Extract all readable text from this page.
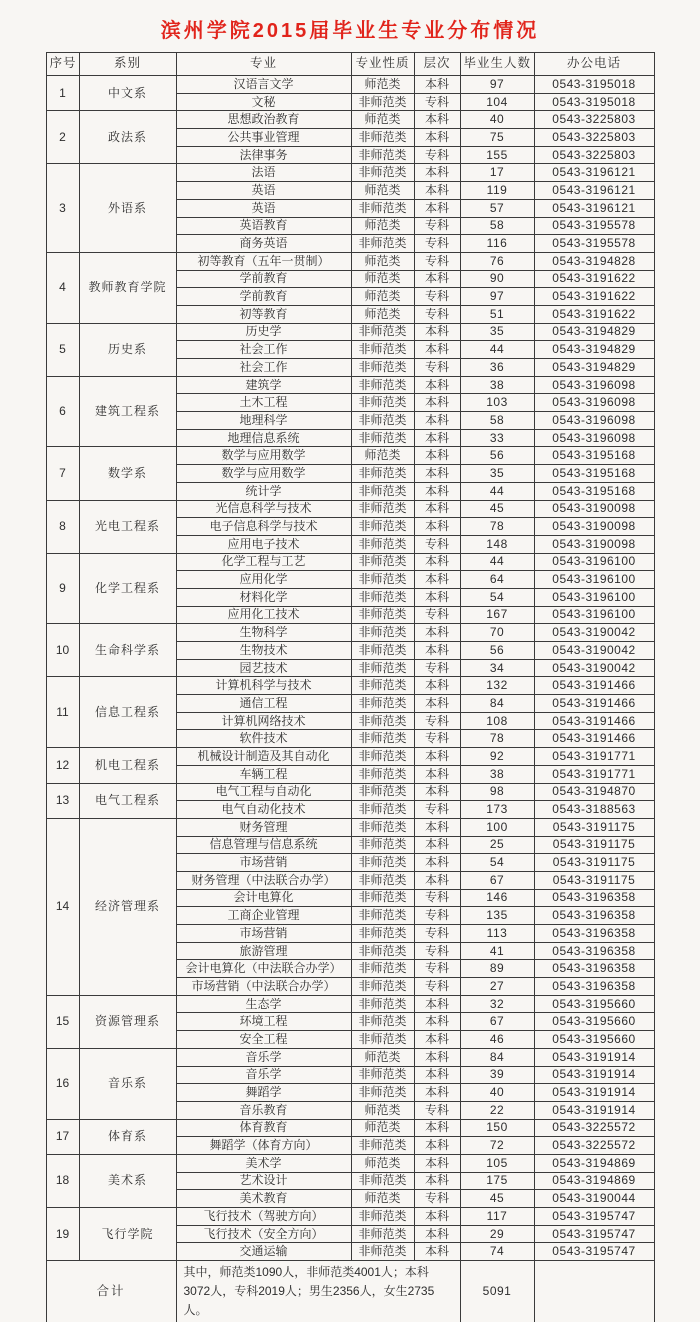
滨州学院2015届毕业生专业分布情况
序号	系别	专业	专业性质	层次	毕业生人数	办公电话
1	中文系	汉语言文学	师范类	本科	97	0543-3195018
		文秘	非师范类	专科	104	0543-3195018
2	政法系	思想政治教育	师范类	本科	40	0543-3225803
		公共事业管理	非师范类	本科	75	0543-3225803
		法律事务	非师范类	专科	155	0543-3225803
3	外语系	法语	非师范类	本科	17	0543-3196121
		英语	师范类	本科	119	0543-3196121
		英语	非师范类	本科	57	0543-3196121
		英语教育	师范类	专科	58	0543-3195578
		商务英语	非师范类	专科	116	0543-3195578
4	教师教育学院	初等教育（五年一贯制）	师范类	专科	76	0543-3194828
		学前教育	师范类	本科	90	0543-3191622
		学前教育	师范类	专科	97	0543-3191622
		初等教育	师范类	专科	51	0543-3191622
5	历史系	历史学	非师范类	本科	35	0543-3194829
		社会工作	非师范类	本科	44	0543-3194829
		社会工作	非师范类	专科	36	0543-3194829
6	建筑工程系	建筑学	非师范类	本科	38	0543-3196098
		土木工程	非师范类	本科	103	0543-3196098
		地理科学	非师范类	本科	58	0543-3196098
		地理信息系统	非师范类	本科	33	0543-3196098
7	数学系	数学与应用数学	师范类	本科	56	0543-3195168
		数学与应用数学	非师范类	本科	35	0543-3195168
		统计学	非师范类	本科	44	0543-3195168
8	光电工程系	光信息科学与技术	非师范类	本科	45	0543-3190098
		电子信息科学与技术	非师范类	本科	78	0543-3190098
		应用电子技术	非师范类	专科	148	0543-3190098
9	化学工程系	化学工程与工艺	非师范类	本科	44	0543-3196100
		应用化学	非师范类	本科	64	0543-3196100
		材料化学	非师范类	本科	54	0543-3196100
		应用化工技术	非师范类	专科	167	0543-3196100
10	生命科学系	生物科学	非师范类	本科	70	0543-3190042
		生物技术	非师范类	本科	56	0543-3190042
		园艺技术	非师范类	专科	34	0543-3190042
11	信息工程系	计算机科学与技术	非师范类	本科	132	0543-3191466
		通信工程	非师范类	本科	84	0543-3191466
		计算机网络技术	非师范类	专科	108	0543-3191466
		软件技术	非师范类	专科	78	0543-3191466
12	机电工程系	机械设计制造及其自动化	非师范类	本科	92	0543-3191771
		车辆工程	非师范类	本科	38	0543-3191771
13	电气工程系	电气工程与自动化	非师范类	本科	98	0543-3194870
		电气自动化技术	非师范类	专科	173	0543-3188563
14	经济管理系	财务管理	非师范类	本科	100	0543-3191175
		信息管理与信息系统	非师范类	本科	25	0543-3191175
		市场营销	非师范类	本科	54	0543-3191175
		财务管理（中法联合办学）	非师范类	本科	67	0543-3191175
		会计电算化	非师范类	专科	146	0543-3196358
		工商企业管理	非师范类	专科	135	0543-3196358
		市场营销	非师范类	专科	113	0543-3196358
		旅游管理	非师范类	专科	41	0543-3196358
		会计电算化（中法联合办学）	非师范类	专科	89	0543-3196358
		市场营销（中法联合办学）	非师范类	专科	27	0543-3196358
15	资源管理系	生态学	非师范类	本科	32	0543-3195660
		环境工程	非师范类	本科	67	0543-3195660
		安全工程	非师范类	本科	46	0543-3195660
16	音乐系	音乐学	师范类	本科	84	0543-3191914
		音乐学	非师范类	本科	39	0543-3191914
		舞蹈学	非师范类	本科	40	0543-3191914
		音乐教育	师范类	专科	22	0543-3191914
17	体育系	体育教育	师范类	本科	150	0543-3225572
		舞蹈学（体育方向）	非师范类	本科	72	0543-3225572
18	美术系	美术学	师范类	本科	105	0543-3194869
		艺术设计	非师范类	本科	175	0543-3194869
		美术教育	师范类	专科	45	0543-3190044
19	飞行学院	飞行技术（驾驶方向）	非师范类	本科	117	0543-3195747
		飞行技术（安全方向）	非师范类	本科	29	0543-3195747
		交通运输	非师范类	本科	74	0543-3195747
合计		其中，师范类1090人，非师范类4001人；本科3072人，专科2019人；男生2356人，女生2735人。			5091	
